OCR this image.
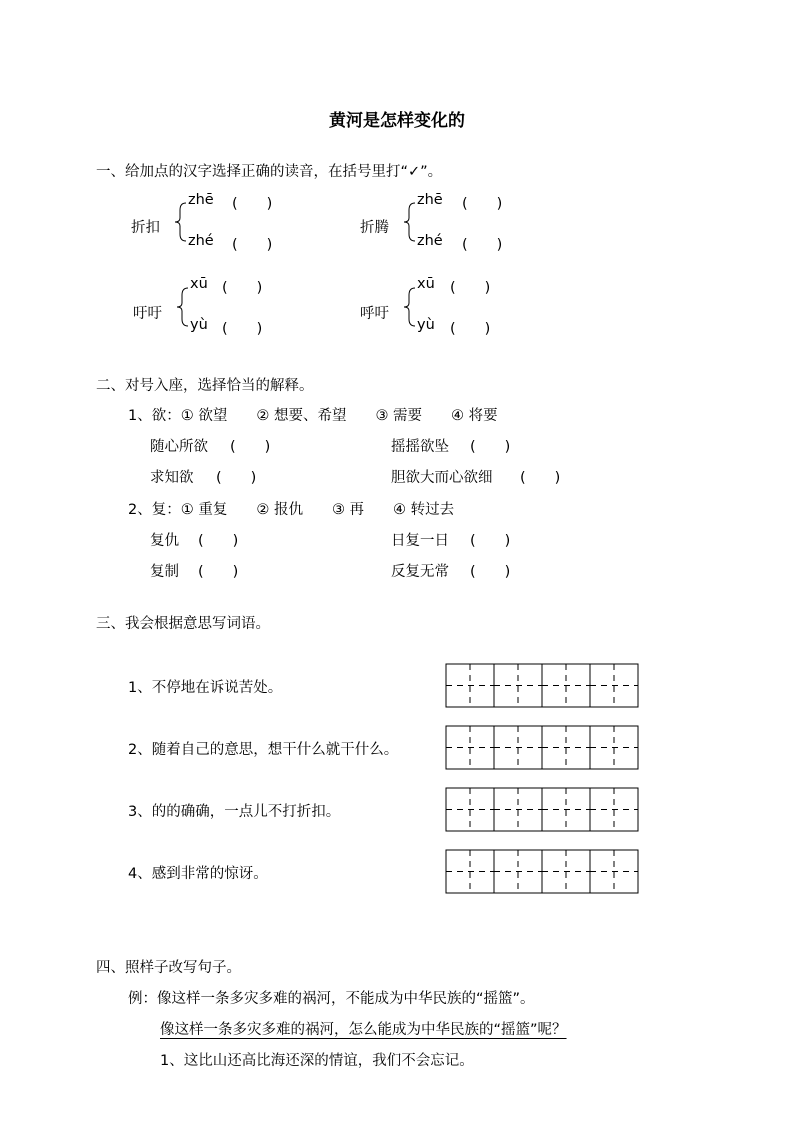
黄河是怎样变化的
一、给加点的汉字选择正确的读音，在括号里打“✓”。
折扣
zhē (　　)
zhé (　　)
折腾
zhē (　　)
zhé (　　)
吁吁
xū (　　)
yù (　　)
呼吁
xū (　　)
yù (　　)
二、对号入座，选择恰当的解释。
1、欲：① 欲望　　② 想要、希望　　③ 需要　　④ 将要
随心所欲 (　　)	摇摇欲坠 (　　)
求知欲 (　　)	胆欲大而心欲细 (　　)
2、复：① 重复　　② 报仇　　③ 再　　④ 转过去
复仇 (　　)	日复一日 (　　)
复制 (　　)	反复无常 (　　)
三、我会根据意思写词语。
1、不停地在诉说苦处。
2、随着自己的意思，想干什么就干什么。
3、的的确确，一点儿不打折扣。
4、感到非常的惊讶。
四、照样子改写句子。
例：像这样一条多灾多难的祸河，不能成为中华民族的“摇篮”。
像这样一条多灾多难的祸河，怎么能成为中华民族的“摇篮”呢？
1、这比山还高比海还深的情谊，我们不会忘记。
